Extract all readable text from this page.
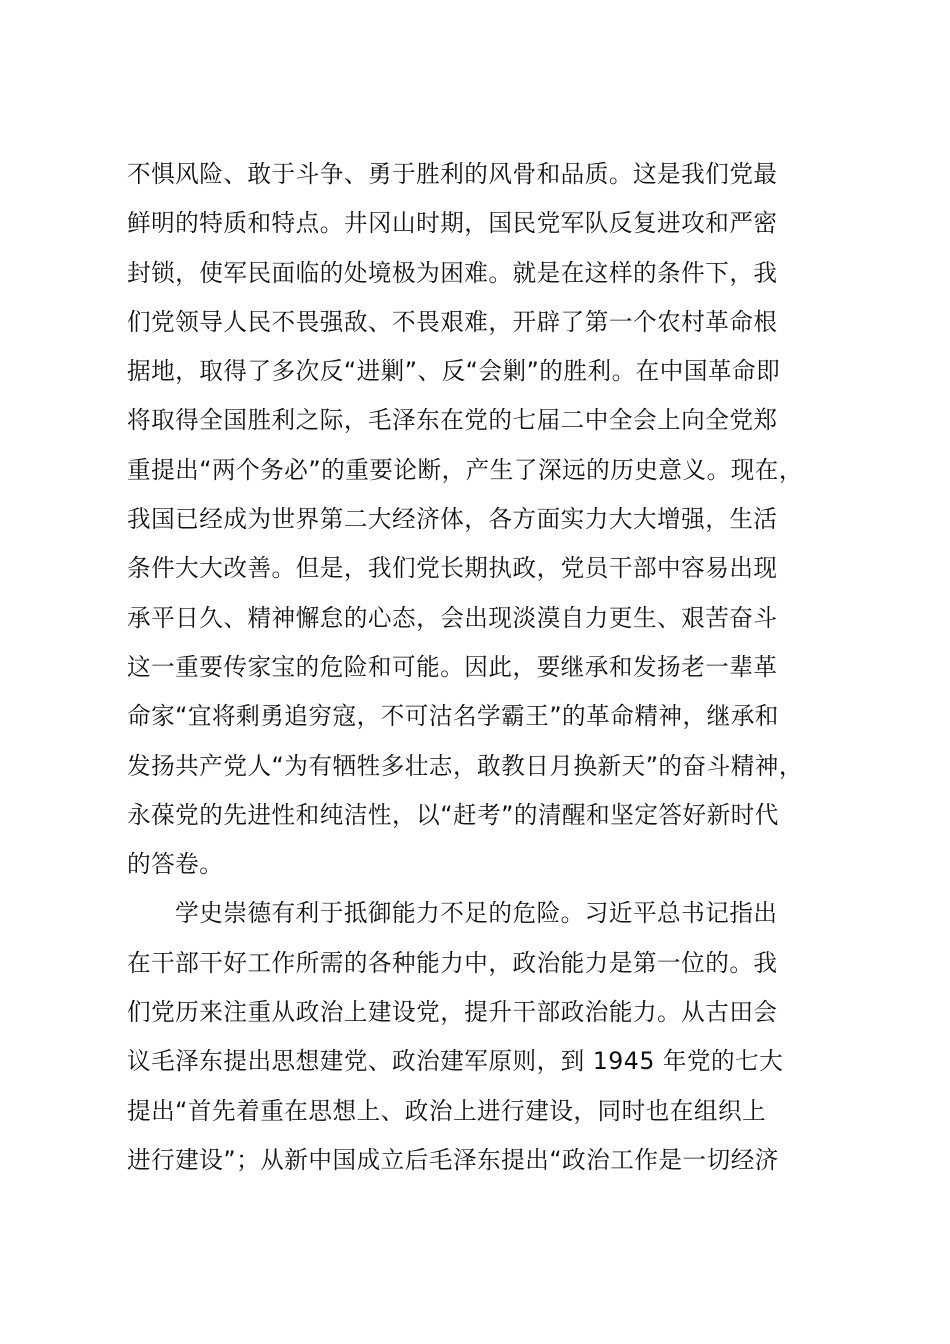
不惧风险、敢于斗争、勇于胜利的风骨和品质。这是我们党最
鲜明的特质和特点。井冈山时期，国民党军队反复进攻和严密
封锁，使军民面临的处境极为困难。就是在这样的条件下，我
们党领导人民不畏强敌、不畏艰难，开辟了第一个农村革命根
据地，取得了多次反“进剿”、反“会剿”的胜利。在中国革命即
将取得全国胜利之际，毛泽东在党的七届二中全会上向全党郑
重提出“两个务必”的重要论断，产生了深远的历史意义。现在，
我国已经成为世界第二大经济体，各方面实力大大增强，生活
条件大大改善。但是，我们党长期执政，党员干部中容易出现
承平日久、精神懈怠的心态，会出现淡漠自力更生、艰苦奋斗
这一重要传家宝的危险和可能。因此，要继承和发扬老一辈革
命家“宜将剩勇追穷寇，不可沽名学霸王”的革命精神，继承和
发扬共产党人“为有牺牲多壮志，敢教日月换新天”的奋斗精神，
永葆党的先进性和纯洁性，以“赶考”的清醒和坚定答好新时代
的答卷。
　　学史崇德有利于抵御能力不足的危险。习近平总书记指出
在干部干好工作所需的各种能力中，政治能力是第一位的。我
们党历来注重从政治上建设党，提升干部政治能力。从古田会
议毛泽东提出思想建党、政治建军原则，到 1945 年党的七大
提出“首先着重在思想上、政治上进行建设，同时也在组织上
进行建设”；从新中国成立后毛泽东提出“政治工作是一切经济
